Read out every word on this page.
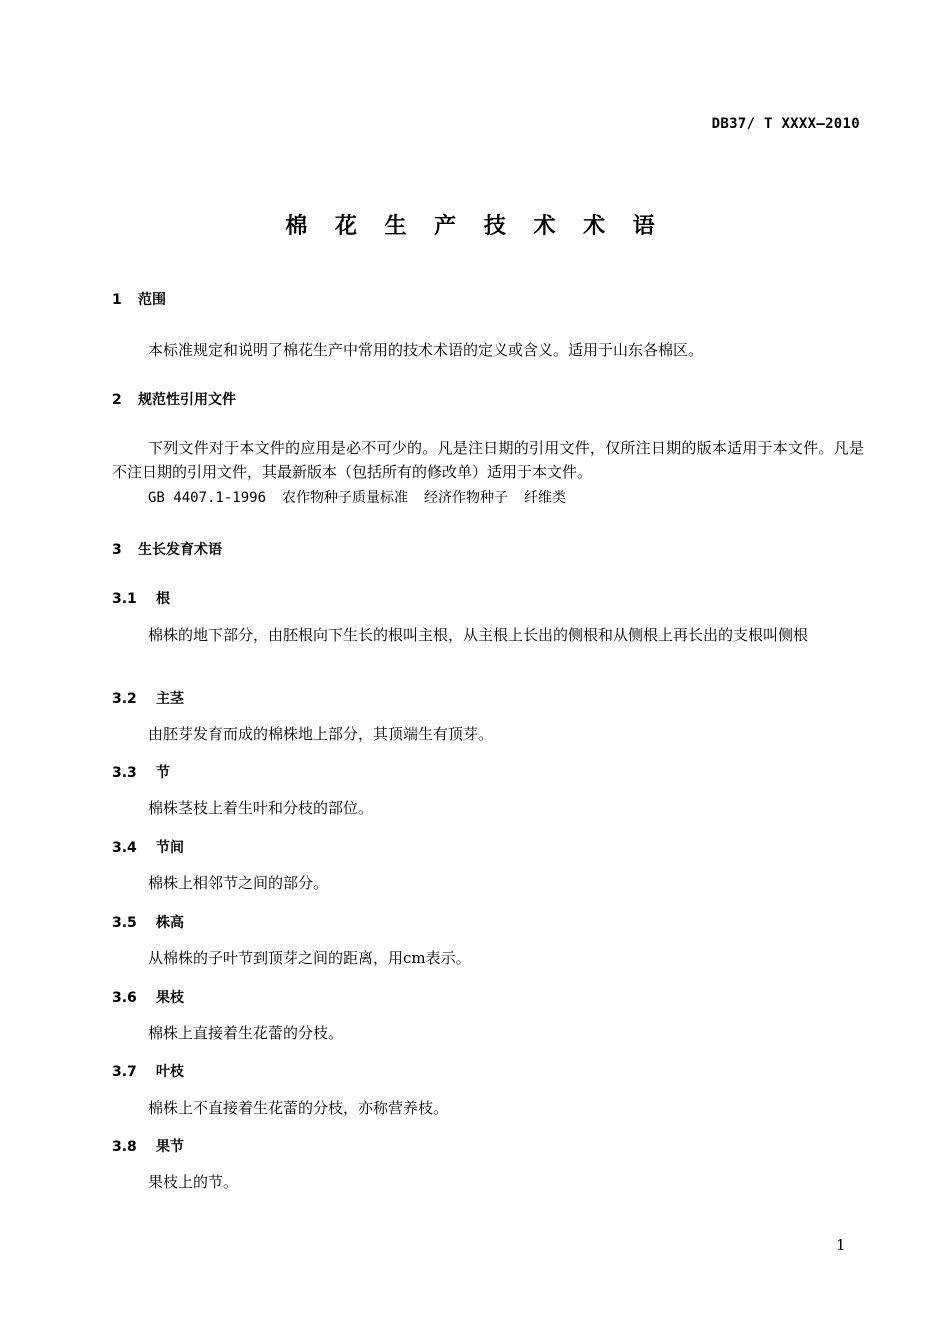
DB37/ T XXXX—2010
棉 花 生 产 技 术 术 语
1 范围
本标准规定和说明了棉花生产中常用的技术术语的定义或含义。适用于山东各棉区。
2 规范性引用文件
下列文件对于本文件的应用是必不可少的。凡是注日期的引用文件，仅所注日期的版本适用于本文件。凡是不注日期的引用文件，其最新版本（包括所有的修改单）适用于本文件。
GB 4407.1-1996 农作物种子质量标准 经济作物种子 纤维类
3 生长发育术语
3.1 根
棉株的地下部分，由胚根向下生长的根叫主根，从主根上长出的侧根和从侧根上再长出的支根叫侧根
3.2 主茎
由胚芽发育而成的棉株地上部分，其顶端生有顶芽。
3.3 节
棉株茎枝上着生叶和分枝的部位。
3.4 节间
棉株上相邻节之间的部分。
3.5 株高
从棉株的子叶节到顶芽之间的距离，用cm表示。
3.6 果枝
棉株上直接着生花蕾的分枝。
3.7 叶枝
棉株上不直接着生花蕾的分枝，亦称营养枝。
3.8 果节
果枝上的节。
1
